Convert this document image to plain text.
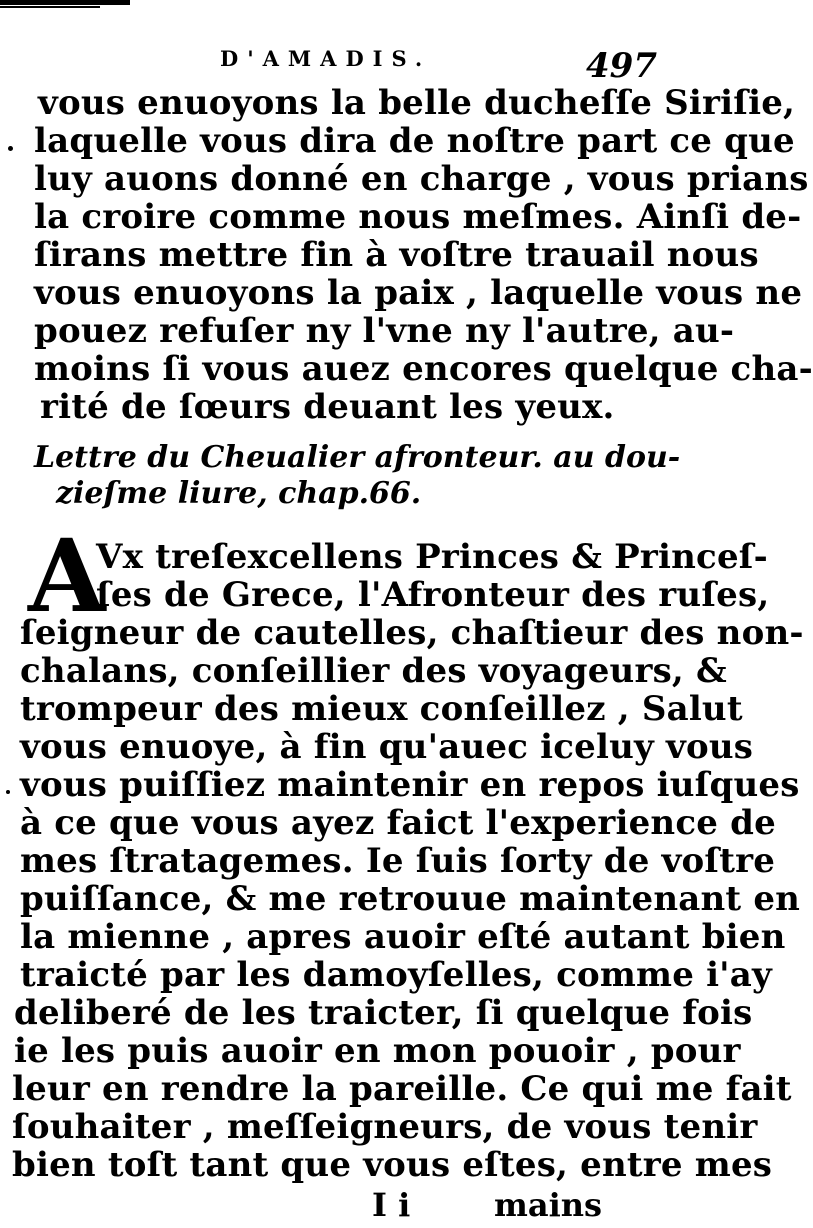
D'AMADIS.	497
vous enuoyons la belle ducheſſe Siriſie,
laquelle vous dira de noſtre part ce que
luy auons donné en charge , vous prians
la croire comme nous meſmes. Ainſi de-
ſirans mettre fin à voſtre trauail nous
vous enuoyons la paix , laquelle vous ne
pouez refuſer ny l'vne ny l'autre, au-
moins ſi vous auez encores quelque cha-
rité de ſœurs deuant les yeux.
Lettre du Cheualier afronteur. au dou-
zieſme liure, chap.66.
A
Vx treſexcellens Princes & Princeſ-
ſes de Grece, l'Afronteur des ruſes,
ſeigneur de cautelles, chaſtieur des non-
chalans, conſeillier des voyageurs, &
trompeur des mieux conſeillez , Salut
vous enuoye, à fin qu'auec iceluy vous
vous puiſſiez maintenir en repos iuſques
à ce que vous ayez faict l'experience de
mes ſtratagemes. Ie ſuis ſorty de voſtre
puiſſance, & me retrouue maintenant en
la mienne , apres auoir eſté autant bien
traicté par les damoyſelles, comme i'ay
deliberé de les traicter, ſi quelque fois
ie les puis auoir en mon pouoir , pour
leur en rendre la pareille. Ce qui me fait
ſouhaiter , meſſeigneurs, de vous tenir
bien toſt tant que vous eſtes, entre mes
I i	mains
